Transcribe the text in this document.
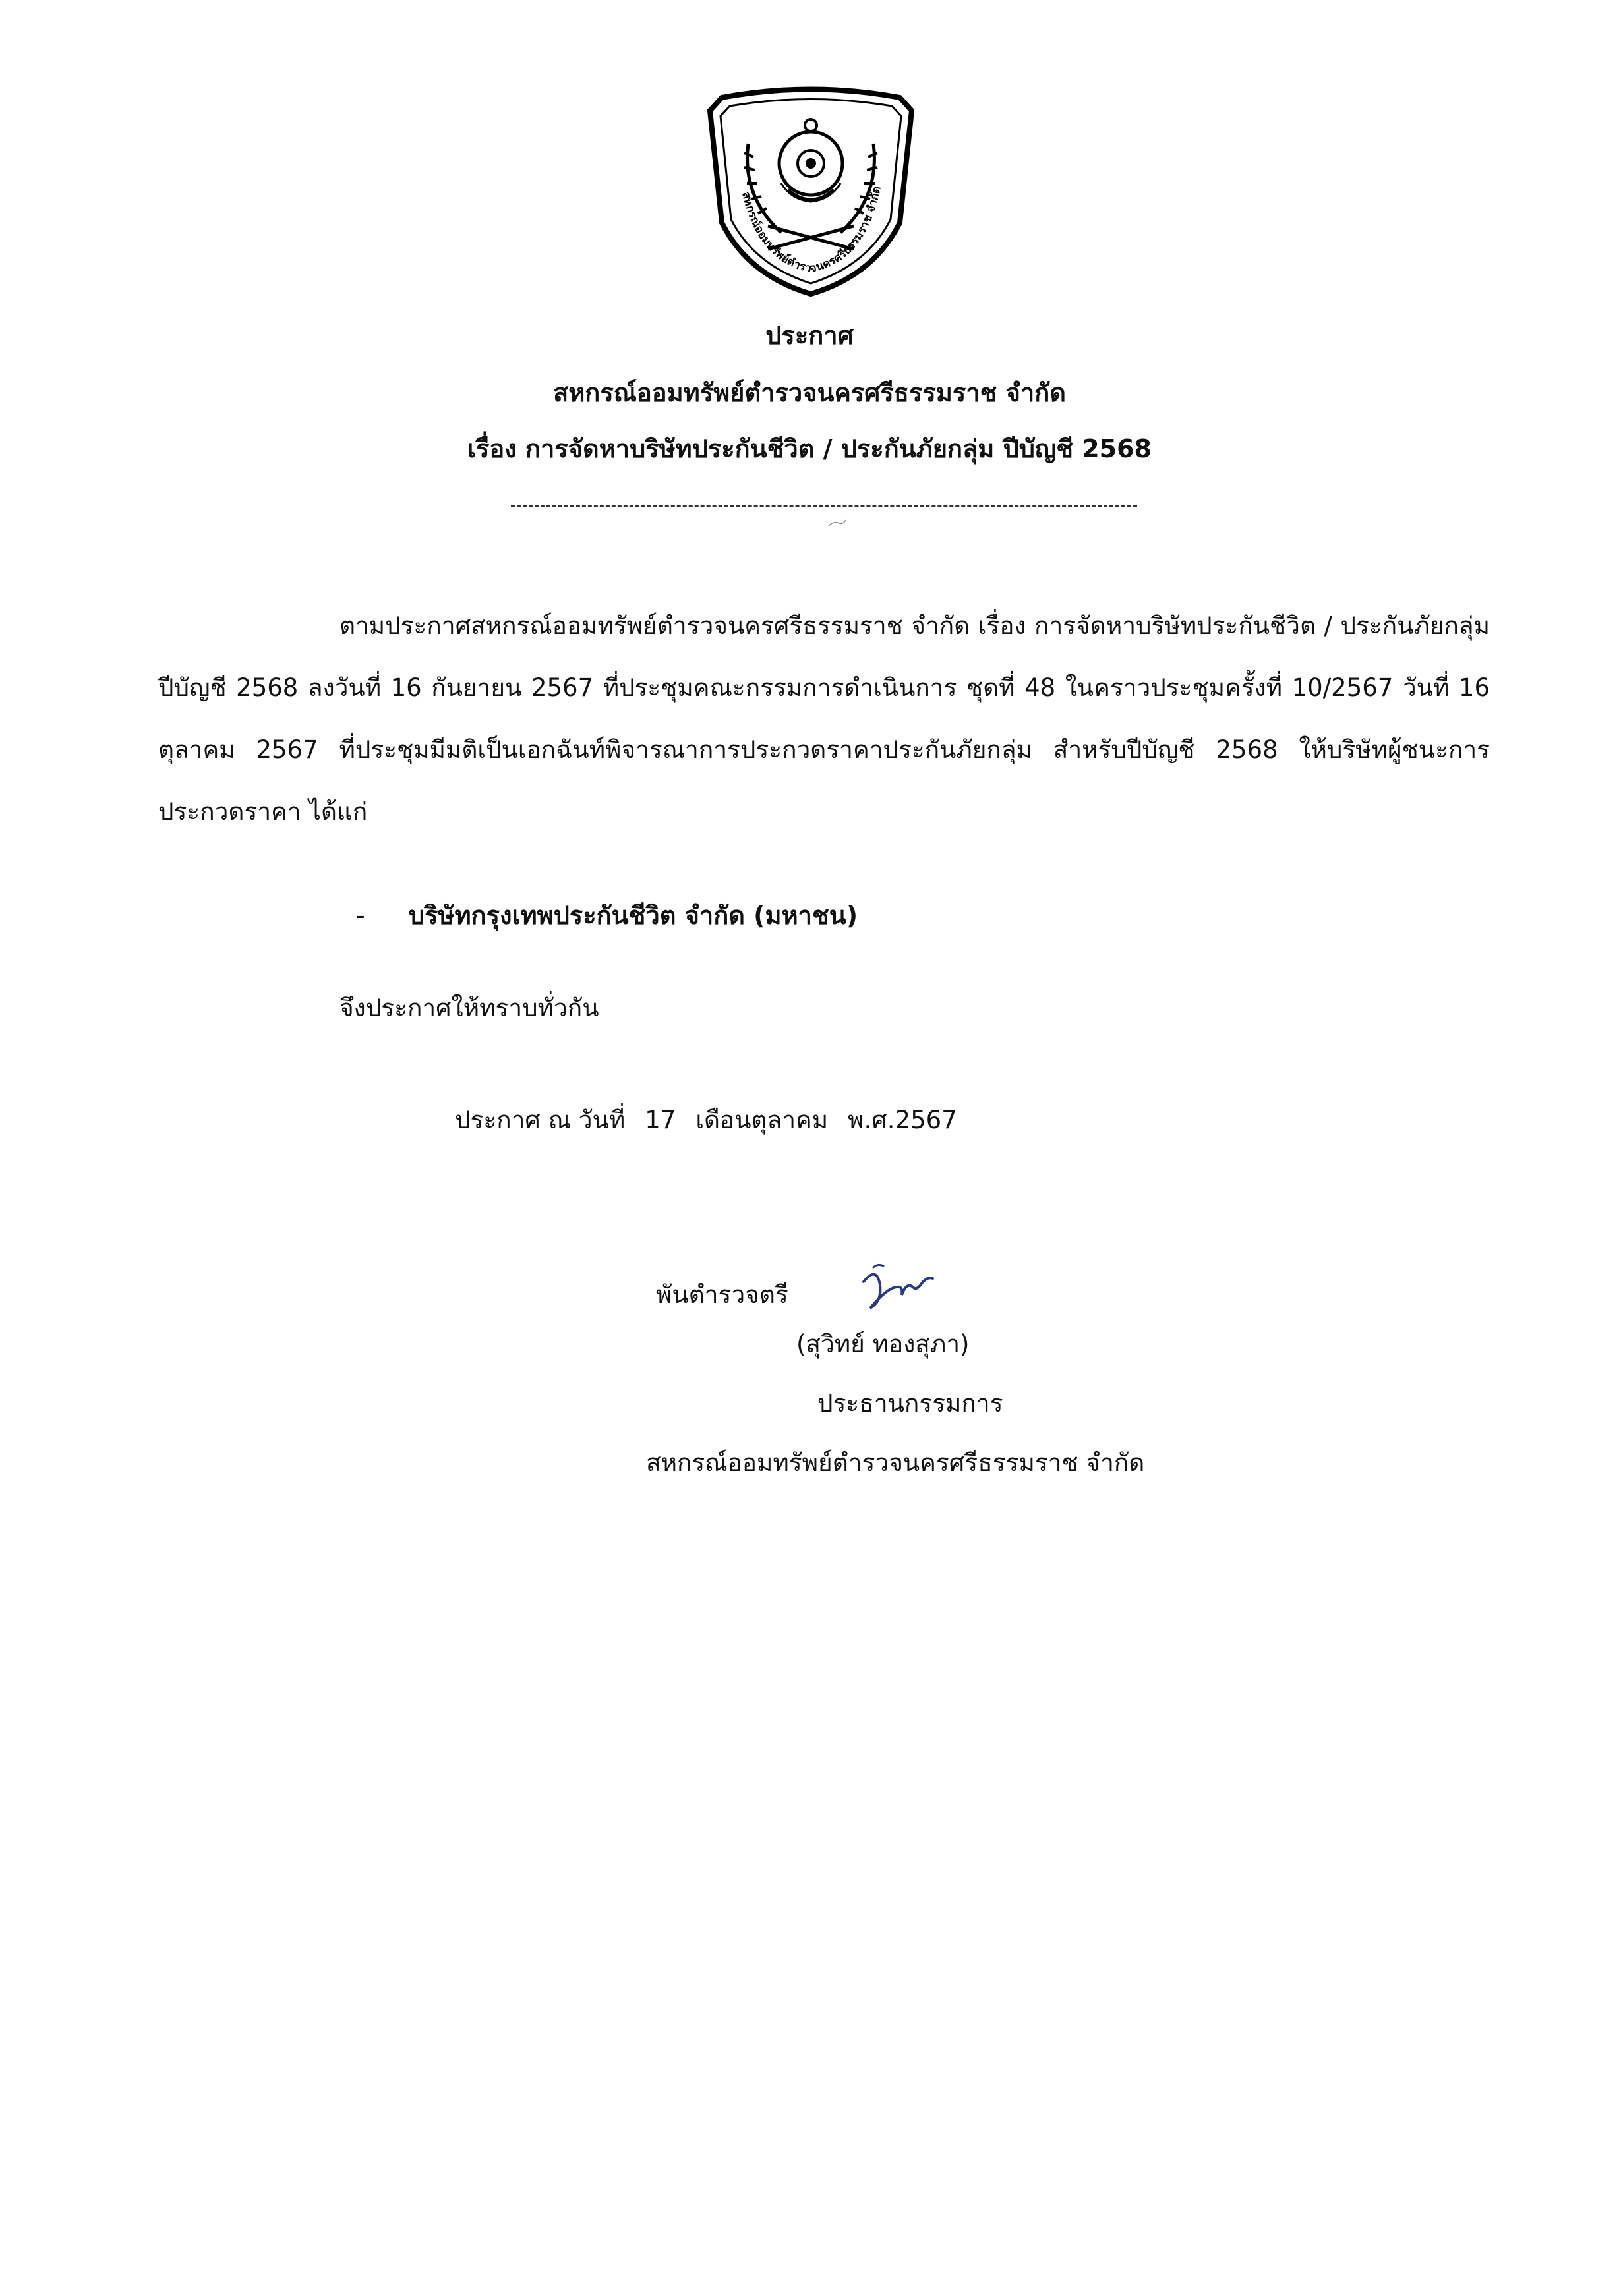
สหกรณ์ออมทรัพย์ตำรวจนครศรีธรรมราช จำกัด
ประกาศ
สหกรณ์ออมทรัพย์ตำรวจนครศรีธรรมราช จำกัด
เรื่อง การจัดหาบริษัทประกันชีวิต / ประกันภัยกลุ่ม ปีบัญชี 2568
ตามประกาศสหกรณ์ออมทรัพย์ตำรวจนครศรีธรรมราช จำกัด เรื่อง การจัดหาบริษัทประกันชีวิต / ประกันภัยกลุ่ม ปีบัญชี 2568 ลงวันที่ 16 กันยายน 2567 ที่ประชุมคณะกรรมการดำเนินการ ชุดที่ 48 ในคราวประชุมครั้งที่ 10/2567 วันที่ 16 ตุลาคม 2567 ที่ประชุมมีมติเป็นเอกฉันท์พิจารณาการประกวดราคาประกันภัยกลุ่ม สำหรับปีบัญชี 2568 ให้บริษัทผู้ชนะการประกวดราคา ได้แก่
- บริษัทกรุงเทพประกันชีวิต จำกัด (มหาชน)
จึงประกาศให้ทราบทั่วกัน
ประกาศ ณ วันที่ 17 เดือนตุลาคม พ.ศ.2567
พันตำรวจตรี
(สุวิทย์ ทองสุภา)
ประธานกรรมการ
สหกรณ์ออมทรัพย์ตำรวจนครศรีธรรมราช จำกัด
